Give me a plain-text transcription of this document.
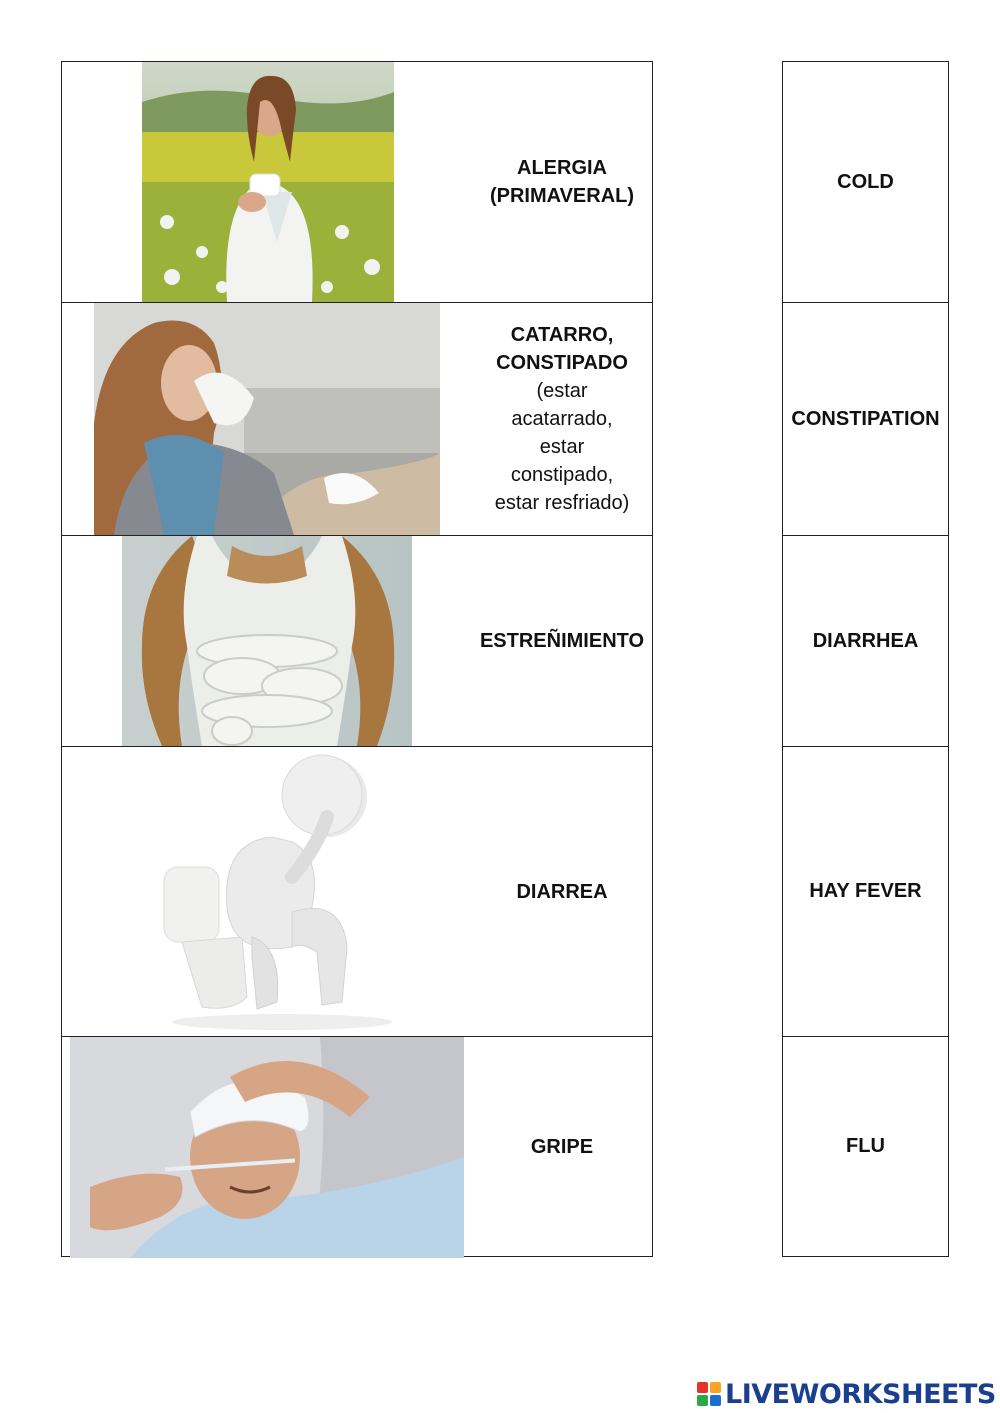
ALERGIA
(PRIMAVERAL)
CATARRO,
CONSTIPADO
(estar
acatarrado,
estar
constipado,
estar resfriado)
ESTREÑIMIENTO
DIARREA
GRIPE
COLD
CONSTIPATION
DIARRHEA
HAY FEVER
FLU
LIVEWORKSHEETS
